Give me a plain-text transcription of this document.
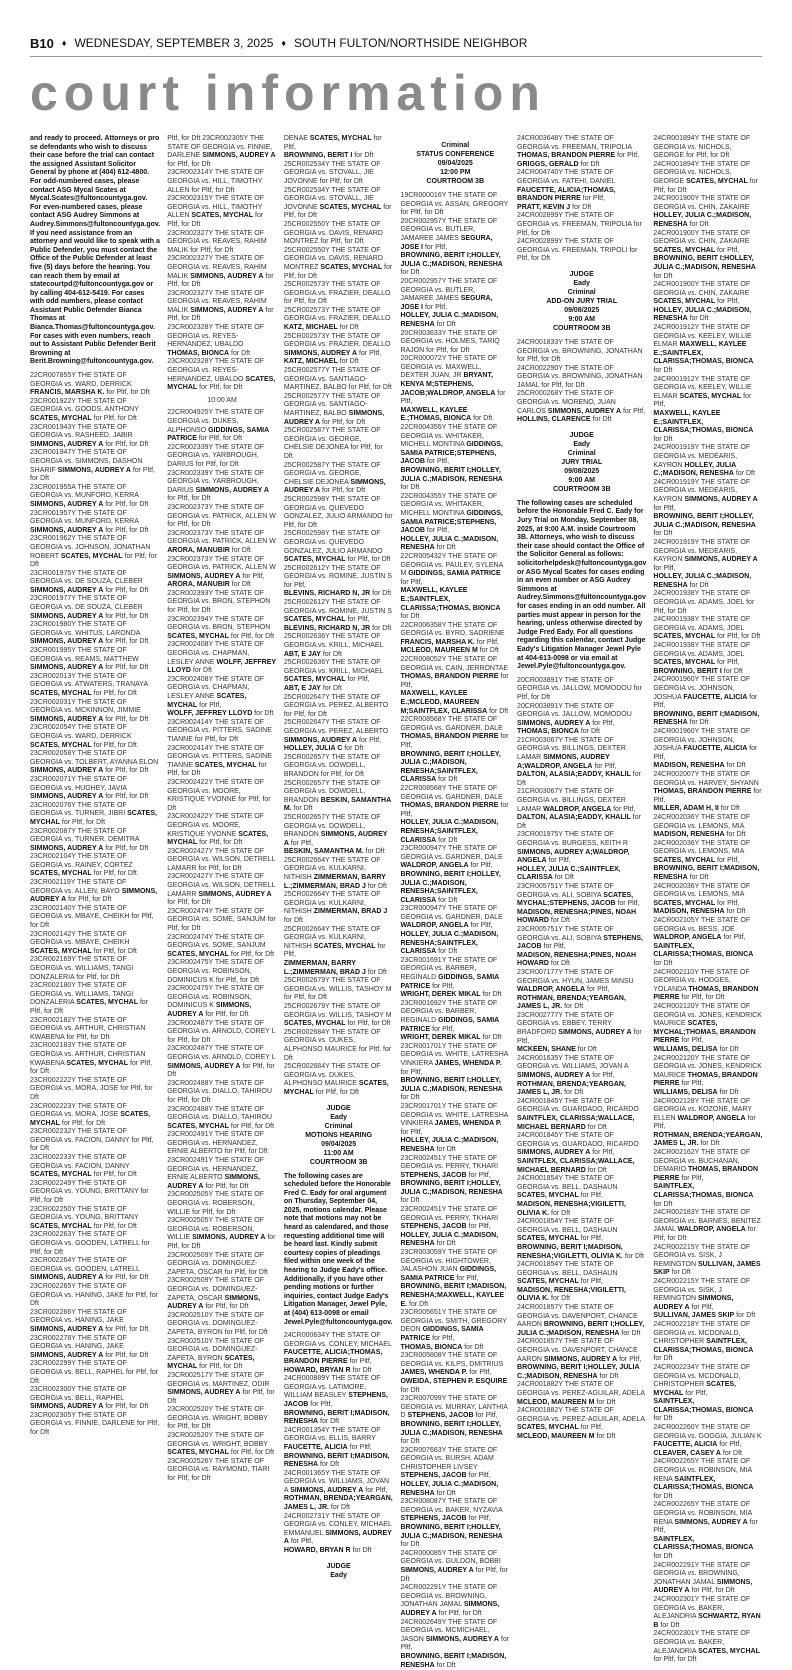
B10 ♦ WEDNESDAY, SEPTEMBER 3, 2025 ♦ SOUTH FULTON/NORTHSIDE NEIGHBOR
court information

and ready to proceed. Attorneys or pro se defendants who wish to discuss their case before the trial can contact the assigned Assistant Solicitor General by phone at (404) 612-4800. For odd-numbered cases, please contact ASG Mycal Scates at Mycal.Scates@fultoncountyga.gov. For even-numbered cases, please contact ASG Audrey Simmons at Audrey.Simmons@fultoncountyga.gov. If you need assistance from an attorney and would like to speak with a Public Defender, you must contact the Office of the Public Defender at least five (5) days before the hearing. You can reach them by email at statecourtpd@fultoncountyga.gov or by calling 404-612-5419. For cases with odd numbers, please contact Assistant Public Defender Bianca Thomas at Bianca.Thomas@fultoncountyga.gov. For cases with even numbers, reach out to Assistant Public Defender Berit Browning at Berit.Browning@fultoncountyga.gov.

22CR007855Y THE STATE OF GEORGIA vs. WARD, DERRICK FRANCIS, MARSHA K. for Pltf, for Dft

23CR001922Y THE STATE OF GEORGIA vs. GOODS, ANTHONY SCATES, MYCHAL for Pltf, for Dft

23CR001943Y THE STATE OF GEORGIA vs. RASHEED, JABIR SIMMONS, AUDREY A for Pltf, for Dft

23CR001947Y THE STATE OF GEORGIA vs. SIMMONS, DASHON SHARIF SIMMONS, AUDREY A for Pltf, for Dft

23CR001955A THE STATE OF GEORGIA vs. MUNFORD, KERRA SIMMONS, AUDREY A for Pltf, for Dft

23CR001957Y THE STATE OF GEORGIA vs. MUNFORD, KERRA SIMMONS, AUDREY A for Pltf, for Dft

23CR001962Y THE STATE OF GEORGIA vs. JOHNSON, JONATHAN ROBERT SCATES, MYCHAL for Pltf, for Dft

23CR001975Y THE STATE OF GEORGIA vs. DE SOUZA, CLEBER SIMMONS, AUDREY A for Pltf, for Dft

23CR001977Y THE STATE OF GEORGIA vs. DE SOUZA, CLEBER SIMMONS, AUDREY A for Pltf, for Dft

23CR001980Y THE STATE OF GEORGIA vs. WHITUS, LARONDA SIMMONS, AUDREY A for Pltf, for Dft

23CR001995Y THE STATE OF GEORGIA vs. REAMS, MATTHEW SIMMONS, AUDREY A for Pltf, for Dft

23CR002013Y THE STATE OF GEORGIA vs. ATWATERS, TRANAYA SCATES, MYCHAL for Pltf, for Dft

23CR002031Y THE STATE OF GEORGIA vs. MCKINNON, JIMMIE SIMMONS, AUDREY A for Pltf, for Dft

23CR002054Y THE STATE OF GEORGIA vs. WARD, DERRICK SCATES, MYCHAL for Pltf, for Dft

23CR002058Y THE STATE OF GEORGIA vs. TOLBERT, AYANNA ELON SIMMONS, AUDREY A for Pltf, for Dft

23CR002071Y THE STATE OF GEORGIA vs. HUGHEY, JAVIA SIMMONS, AUDREY A for Pltf, for Dft

23CR002076Y THE STATE OF GEORGIA vs. TURNER, JIBRI SCATES, MYCHAL for Pltf, for Dft

23CR002087Y THE STATE OF GEORGIA vs. TURNER, DEMITRA SIMMONS, AUDREY A for Pltf, for Dft

23CR002104Y THE STATE OF GEORGIA vs. RAINEY, CORTEZ SCATES, MYCHAL for Pltf, for Dft

23CR002119Y THE STATE OF GEORGIA vs. ALLEN, BAYO SIMMONS, AUDREY A for Pltf, for Dft

23CR002140Y THE STATE OF GEORGIA vs. MBAYE, CHEIKH for Pltf, for Dft

23CR002142Y THE STATE OF GEORGIA vs. MBAYE, CHEIKH SCATES, MYCHAL for Pltf, for Dft

23CR002169Y THE STATE OF GEORGIA vs. WILLIAMS, TANGI DONZALERIA for Pltf, for Dft

23CR002180Y THE STATE OF GEORGIA vs. WILLIAMS, TANGI DONZALERIA SCATES, MYCHAL for Pltf, for Dft

23CR002182Y THE STATE OF GEORGIA vs. ARTHUR, CHRISTIAN KWABENA for Pltf, for Dft

23CR002183Y THE STATE OF GEORGIA vs. ARTHUR, CHRISTIAN KWABENA SCATES, MYCHAL for Pltf, for Dft

23CR002222Y THE STATE OF GEORGIA vs. MORA, JOSE for Pltf, for Dft

23CR002223Y THE STATE OF GEORGIA vs. MORA, JOSE SCATES, MYCHAL for Pltf, for Dft

23CR002232Y THE STATE OF GEORGIA vs. FACION, DANNY for Pltf, for Dft

23CR002233Y THE STATE OF GEORGIA vs. FACION, DANNY SCATES, MYCHAL for Pltf, for Dft

23CR002249Y THE STATE OF GEORGIA vs. YOUNG, BRITTANY for Pltf, for Dft

23CR002250Y THE STATE OF GEORGIA vs. YOUNG, BRITTANY SCATES, MYCHAL for Pltf, for Dft

23CR002263Y THE STATE OF GEORGIA vs. GOODEN, LATRELL for Pltf, for Dft

23CR002264Y THE STATE OF GEORGIA vs. GOODEN, LATRELL SIMMONS, AUDREY A for Pltf, for Dft

23CR002265Y THE STATE OF GEORGIA vs. HANING, JAKE for Pltf, for Dft

23CR002266Y THE STATE OF GEORGIA vs. HANING, JAKE SIMMONS, AUDREY A for Pltf, for Dft

23CR002278Y THE STATE OF GEORGIA vs. HANING, JAKE SIMMONS, AUDREY A for Pltf, for Dft

23CR002299Y THE STATE OF GEORGIA vs. BELL, RAPHEL for Pltf, for Dft

23CR002300Y THE STATE OF GEORGIA vs. BELL, RAPHEL SIMMONS, AUDREY A for Pltf, for Dft

23CR002305Y THE STATE OF GEORGIA vs. FINNIE, DARLENE for Pltf, for Dft

Pltf, for Dft 23CR002305Y THE STATE OF GEORGIA vs. FINNIE, DARLENE SIMMONS, AUDREY A for Pltf, for Dft

23CR002314Y THE STATE OF GEORGIA vs. HILL, TIMOTHY ALLEN for Pltf, for Dft

23CR002315Y THE STATE OF GEORGIA vs. HILL, TIMOTHY ALLEN SCATES, MYCHAL for Pltf, for Dft

23CR002327Y THE STATE OF GEORGIA vs. REAVES, RAHIM MALIK for Pltf, for Dft

23CR002327Y THE STATE OF GEORGIA vs. REAVES, RAHIM MALIK SIMMONS, AUDREY A for Pltf, for Dft

23CR002327Y THE STATE OF GEORGIA vs. REAVES, RAHIM MALIK SIMMONS, AUDREY A for Pltf, for Dft

23CR002328Y THE STATE OF GEORGIA vs. REYES-HERNANDEZ, UBALDO THOMAS, BIONCA for Dft

23CR002328Y THE STATE OF GEORGIA vs. REYES-HERNANDEZ, UBALDO SCATES, MYCHAL for Pltf, for Dft

10:00 AM

22CR004925Y THE STATE OF GEORGIA vs. DUKES, ALPHONSO GIDDINGS, SAMIA PATRICE for Pltf, for Dft

22CR002339Y THE STATE OF GEORGIA vs. YARBROUGH, DARIUS for Pltf, for Dft

23CR002339Y THE STATE OF GEORGIA vs. YARBROUGH, DARIUS SIMMONS, AUDREY A for Pltf, for Dft

23CR002373Y THE STATE OF GEORGIA vs. PATRICK, ALLEN W for Pltf, for Dft

23CR002373Y THE STATE OF GEORGIA vs. PATRICK, ALLEN W ARORA, MANUBIR for Dft

23CR002373Y THE STATE OF GEORGIA vs. PATRICK, ALLEN W SIMMONS, AUDREY A for Pltf,

ARORA, MANUBIR for Dft

23CR002393Y THE STATE OF GEORGIA vs. BRON, STEPHON for Pltf, for Dft

23CR002394Y THE STATE OF GEORGIA vs. BRON, STEPHON SCATES, MYCHAL for Pltf, for Dft

23CR002408Y THE STATE OF GEORGIA vs. CHAPMAN, LESLEY ANNE WOLFF, JEFFREY LLOYD for Dft

23CR002408Y THE STATE OF GEORGIA vs. CHAPMAN, LESLEY ANNE SCATES, MYCHAL for Pltf,

WOLFF, JEFFREY LLOYD for Dft

23CR002414Y THE STATE OF GEORGIA vs. PITTERS, SADINE TIANNE for Pltf, for Dft

23CR002414Y THE STATE OF GEORGIA vs. PITTERS, SADINE TIANNE SCATES, MYCHAL for Pltf, for Dft

23CR002422Y THE STATE OF GEORGIA vs. MOORE, KRISTIQUE YVONNE for Pltf, for Dft

23CR002422Y THE STATE OF GEORGIA vs. MOORE, KRISTIQUE YVONNE SCATES, MYCHAL for Pltf, for Dft

23CR002427Y THE STATE OF GEORGIA vs. WILSON, DETRELL LAMARR for Pltf, for Dft

23CR002427Y THE STATE OF GEORGIA vs. WILSON, DETRELL LAMARR SIMMONS, AUDREY A for Pltf, for Dft

23CR002474Y THE STATE OF GEORGIA vs. SOME, SANJUM for Pltf, for Dft

23CR002474Y THE STATE OF GEORGIA vs. SOME, SANJUM SCATES, MYCHAL for Pltf, for Dft

23CR002475Y THE STATE OF GEORGIA vs. ROBINSON, DOMINICUS K for Pltf, for Dft

23CR002475Y THE STATE OF GEORGIA vs. ROBINSON, DOMINICUS K SIMMONS, AUDREY A for Pltf, for Dft

23CR002487Y THE STATE OF GEORGIA vs. ARNOLD, COREY L for Pltf, for Dft

23CR002487Y THE STATE OF GEORGIA vs. ARNOLD, COREY L SIMMONS, AUDREY A for Pltf, for Dft

23CR002488Y THE STATE OF GEORGIA vs. DIALLO, TAHIROU for Pltf, for Dft

23CR002488Y THE STATE OF GEORGIA vs. DIALLO, TAHIROU SCATES, MYCHAL for Pltf, for Dft

23CR002491Y THE STATE OF GEORGIA vs. HERNANDEZ, ERNIE ALBERTO for Pltf, for Dft

23CR002491Y THE STATE OF GEORGIA vs. HERNANDEZ, ERNIE ALBERTO SIMMONS, AUDREY A for Pltf, for Dft

23CR002505Y THE STATE OF GEORGIA vs. ROBERSON, WILLIE for Pltf, for Dft

23CR002505Y THE STATE OF GEORGIA vs. ROBERSON, WILLIE SIMMONS, AUDREY A for Pltf, for Dft

23CR002509Y THE STATE OF GEORGIA vs. DOMINGUEZ-ZAPETA, OSCAR for Pltf, for Dft

23CR002509Y THE STATE OF GEORGIA vs. DOMINGUEZ-ZAPETA, OSCAR SIMMONS, AUDREY A for Pltf, for Dft

23CR002510Y THE STATE OF GEORGIA vs. DOMINGUEZ-ZAPETA, BYRON for Pltf, for Dft

23CR002510Y THE STATE OF GEORGIA vs. DOMINGUEZ-ZAPETA, BYRON SCATES, MYCHAL for Pltf, for Dft

23CR002517Y THE STATE OF GEORGIA vs. MARTINEZ, ODIR SIMMONS, AUDREY A for Pltf, for Dft

23CR002520Y THE STATE OF GEORGIA vs. WRIGHT, BOBBY for Pltf, for Dft

23CR002520Y THE STATE OF GEORGIA vs. WRIGHT, BOBBY SCATES, MYCHAL for Pltf, for Dft

23CR002526Y THE STATE OF GEORGIA vs. RAYMOND, TIARI for Pltf, for Dft

DENAE SCATES, MYCHAL for Pltf,

BROWNING, BERIT I for Dft

25CR002534Y THE STATE OF GEORGIA vs. STOVALL, JIE JOVONNE for Pltf, for Dft

25CR002534Y THE STATE OF GEORGIA vs. STOVALL, JIE JOVONNE SCATES, MYCHAL for Pltf, for Dft

25CR002550Y THE STATE OF GEORGIA vs. DAVIS, RENARD MONTREZ for Pltf, for Dft

25CR002550Y THE STATE OF GEORGIA vs. DAVIS, RENARD MONTREZ SCATES, MYCHAL for Pltf, for Dft

25CR002573Y THE STATE OF GEORGIA vs. FRAZIER, DEALLO for Pltf, for Dft

25CR002573Y THE STATE OF GEORGIA vs. FRAZIER, DEALLO KATZ, MICHAEL for Dft

25CR002573Y THE STATE OF GEORGIA vs. FRAZIER, DEALLO SIMMONS, AUDREY A for Pltf,

KATZ, MICHAEL for Dft

25CR002577Y THE STATE OF GEORGIA vs. SANTIAGO-MARTINEZ, BALBO for Pltf, for Dft

25CR002577Y THE STATE OF GEORGIA vs. SANTIAGO-MARTINEZ, BALBO SIMMONS, AUDREY A for Pltf, for Dft

25CR002587Y THE STATE OF GEORGIA vs. GEORGE, CHELSIE DEJONEA for Pltf, for Dft

25CR002587Y THE STATE OF GEORGIA vs. GEORGE, CHELSIE DEJONEA SIMMONS, AUDREY A for Pltf, for Dft

25CR002598Y THE STATE OF GEORGIA vs. QUEVEDO GONZALEZ, JULIO ARMANDO for Pltf, for Dft

25CR002598Y THE STATE OF GEORGIA vs. QUEVEDO GONZALEZ, JULIO ARMANDO SCATES, MYCHAL for Pltf, for Dft

25CR002612Y THE STATE OF GEORGIA vs. ROMINE, JUSTIN S for Pltf,

BLEVINS, RICHARD N, JR for Dft

25CR002612Y THE STATE OF GEORGIA vs. ROMINE, JUSTIN S SCATES, MYCHAL for Pltf,

BLEVINS, RICHARD N, JR for Dft

25CR002636Y THE STATE OF GEORGIA vs. KRILL, MICHAEL ABT, E JAY for Dft

25CR002636Y THE STATE OF GEORGIA vs. KRILL, MICHAEL SCATES, MYCHAL for Pltf,

ABT, E JAY for Dft

25CR002647Y THE STATE OF GEORGIA vs. PEREZ, ALBERTO for Pltf, for Dft

25CR002647Y THE STATE OF GEORGIA vs. PEREZ, ALBERTO SIMMONS, AUDREY A for Pltf,

HOLLEY, JULIA C for Dft

25CR002657Y THE STATE OF GEORGIA vs. DOWDELL, BRANDON for Pltf, for Dft

25CR002657Y THE STATE OF GEORGIA vs. DOWDELL, BRANDON BESKIN, SAMANTHA M. for Dft

25CR002657Y THE STATE OF GEORGIA vs. DOWDELL, BRANDON SIMMONS, AUDREY A for Pltf,

BESKIN, SAMANTHA M. for Dft

25CR002664Y THE STATE OF GEORGIA vs. KULKARNI, NITHISH ZIMMERMAN, BARRY L.;ZIMMERMAN, BRAD J for Dft

25CR002664Y THE STATE OF GEORGIA vs. KULKARNI, NITHISH ZIMMERMAN, BRAD J for Dft

25CR002664Y THE STATE OF GEORGIA vs. KULKARNI, NITHISH SCATES, MYCHAL for Pltf,

ZIMMERMAN, BARRY L.;ZIMMERMAN, BRAD J for Dft

25CR002679Y THE STATE OF GEORGIA vs. WILLIS, TASHOY M for Pltf, for Dft

25CR002679Y THE STATE OF GEORGIA vs. WILLIS, TASHOY M SCATES, MYCHAL for Pltf, for Dft

25CR002684Y THE STATE OF GEORGIA vs. DUKES, ALPHONSO MAURICE for Pltf, for Dft

25CR002684Y THE STATE OF GEORGIA vs. DUKES, ALPHONSO MAURICE SCATES, MYCHAL for Pltf, for Dft

JUDGE
Eady
Criminal
MOTIONS HEARING
09/04/2025
11:00 AM
COURTROOM 3B

The following cases are scheduled before the Honorable Fred C. Eady for oral argument on Thursday, September 04, 2025, motions calendar. Please note that motions may not be heard as calendared, and those requesting additional time will be heard last. Kindly submit courtesy copies of pleadings filed within one week of the hearing to Judge Eady's office. Additionally, if you have other pending motions or further inquiries, contact Judge Eady's Litigation Manager, Jewel Pyle, at (404) 613-0098 or email Jewel.Pyle@fultoncountyga.gov.

24CR000634Y THE STATE OF GEORGIA vs. CONLEY, MICHAEL FAUCETTE, ALICIA;THOMAS, BRANDON PIERRE for Pltf,

HOWARD, BRYAN R for Dft

24CR000889Y THE STATE OF GEORGIA vs. LATIMORE, WILLIAM BEASLEY STEPHENS, JACOB for Pltf,

BROWNING, BERIT I;MADISON, RENESHA for Dft

24CR001354Y THE STATE OF GEORGIA vs. ELLIS, BARRY FAUCETTE, ALICIA for Pltf,

BROWNING, BERIT I;MADISON, RENESHA for Dft

24CR001365Y THE STATE OF GEORGIA vs. WILLIAMS, JOVAN A SIMMONS, AUDREY A for Pltf,

ROTHMAN, BRENDA;YEARGAN, JAMES L, JR. for Dft

24CR002731Y THE STATE OF GEORGIA vs. CONLEY, MICHAEL EMMANUEL SIMMONS, AUDREY A for Pltf,

HOWARD, BRYAN R for Dft

JUDGE
Eady
Criminal
STATUS CONFERENCE
09/04/2025
12:00 PM
COURTROOM 3B

19CR000016Y THE STATE OF GEORGIA vs. ASSAN, GREGORY for Pltf, for Dft

20CR002957Y THE STATE OF GEORGIA vs. BUTLER, JAMAREE JAMES SEGURA, JOSE I for Pltf,

BROWNING, BERIT I;HOLLEY, JULIA C.;MADISON, RENESHA for Dft

20CR002957Y THE STATE OF GEORGIA vs. BUTLER, JAMAREE JAMES SEGURA, JOSE I for Pltf,

HOLLEY, JULIA C.;MADISON, RENESHA for Dft

20CR003633Y THE STATE OF GEORGIA vs. HOLMES, TARIQ RAJON for Pltf, for Dft

20CR000072Y THE STATE OF GEORGIA vs. MAXWELL, DEXTER JUAN, JR BRYANT, KENYA M;STEPHENS, JACOB;WALDROP, ANGELA for Pltf,

MAXWELL, KAYLEE E.;THOMAS, BIONCA for Dft

22CR004355Y THE STATE OF GEORGIA vs. WHITAKER, MICHELL MONTINA GIDDINGS, SAMIA PATRICE;STEPHENS, JACOB for Pltf,

BROWNING, BERIT I;HOLLEY, JULIA C.;MADISON, RENESHA for Dft

22CR004355Y THE STATE OF GEORGIA vs. WHITAKER, MICHELL MONTINA GIDDINGS, SAMIA PATRICE;STEPHENS, JACOB for Pltf,

HOLLEY, JULIA C.;MADISON, RENESHA for Dft

22CR005432Y THE STATE OF GEORGIA vs. PAULEY, SYLENA M GIDDINGS, SAMIA PATRICE for Pltf,

MAXWELL, KAYLEE E.;SAINTFLEX, CLARISSA;THOMAS, BIONCA for Dft

22CR006358Y THE STATE OF GEORGIA vs. BYRD, SADRIENE FRANCIS, MARSHA K. for Pltf,

MCLEOD, MAUREEN M for Dft

22CR008052Y THE STATE OF GEORGIA vs. CAIN, JERRONTAE THOMAS, BRANDON PIERRE for Pltf,

MAXWELL, KAYLEE E.;MCLEOD, MAUREEN M;SAINTFLEX, CLARISSA for Dft

22CR008568Y THE STATE OF GEORGIA vs. GARDNER, DALE THOMAS, BRANDON PIERRE for Pltf,

BROWNING, BERIT I;HOLLEY, JULIA C.;MADISON, RENESHA;SAINTFLEX, CLARISSA for Dft

22CR008568Y THE STATE OF GEORGIA vs. GARDNER, DALE THOMAS, BRANDON PIERRE for Pltf,

HOLLEY, JULIA C.;MADISON, RENESHA;SAINTFLEX, CLARISSA for Dft

23CR000947Y THE STATE OF GEORGIA vs. GARDNER, DALE WALDROP, ANGELA for Pltf,

BROWNING, BERIT I;HOLLEY, JULIA C.;MADISON, RENESHA;SAINTFLEX, CLARISSA for Dft

23CR000947Y THE STATE OF GEORGIA vs. GARDNER, DALE WALDROP, ANGELA for Pltf,

HOLLEY, JULIA C.;MADISON, RENESHA;SAINTFLEX, CLARISSA for Dft

23CR001691Y THE STATE OF GEORGIA vs. BARBER, REGINALD GIDDINGS, SAMIA PATRICE for Pltf,

WRIGHT, DEREK MIKAL for Dft

23CR001692Y THE STATE OF GEORGIA vs. BARBER, REGINALD GIDDINGS, SAMIA PATRICE for Pltf,

WRIGHT, DEREK MIKAL for Dft

23CR001701Y THE STATE OF GEORGIA vs. WHITE, LATRESHA VINKIERA JAMES, WHENDA P. for Pltf,

BROWNING, BERIT I;HOLLEY, JULIA C.;MADISON, RENESHA for Dft

23CR001701Y THE STATE OF GEORGIA vs. WHITE, LATRESHA VINKIERA JAMES, WHENDA P. for Pltf,

HOLLEY, JULIA C.;MADISON, RENESHA for Dft

23CR002451Y THE STATE OF GEORGIA vs. PERRY, TKHARI STEPHENS, JACOB for Pltf,

BROWNING, BERIT I;HOLLEY, JULIA C.;MADISON, RENESHA for Dft

23CR002451Y THE STATE OF GEORGIA vs. PERRY, TKHARI STEPHENS, JACOB for Pltf,

HOLLEY, JULIA C.;MADISON, RENESHA for Dft

23CR003059Y THE STATE OF GEORGIA vs. HIGHTOWER, JALASHON JUAN GIDDINGS, SAMIA PATRICE for Pltf,

BROWNING, BERIT I;MADISON, RENESHA;MAXWELL, KAYLEE E. for Dft

23CR005651Y THE STATE OF GEORGIA vs. SMITH, GREGORY DEON GIDDINGS, SAMIA PATRICE for Pltf,

THOMAS, BIONCA for Dft

23CR005808Y THE STATE OF GEORGIA vs. KILPS, DMITRIUS JAMES, WHENDA P. for Pltf,

OWEIDA, STEPHEN P. ESQUIRE for Dft

23CR007099Y THE STATE OF GEORGIA vs. MURRAY, LANTHIA D STEPHENS, JACOB for Pltf,

BROWNING, BERIT I;HOLLEY, JULIA C.;MADISON, RENESHA for Dft

23CR007663Y THE STATE OF GEORGIA vs. BURSH, ADAM CHRISTOPHER LIVSEY STEPHENS, JACOB for Pltf,

HOLLEY, JULIA C.;MADISON, RENESHA for Dft

23CR008087Y THE STATE OF GEORGIA vs. BAKER, NYZAVIA STEPHENS, JACOB for Pltf,

BROWNING, BERIT I;HOLLEY, JULIA C.;MADISON, RENESHA for Dft

24CR000085Y THE STATE OF GEORGIA vs. GULDON, BOBBI SIMMONS, AUDREY A for Pltf, for Dft

24CR002291Y THE STATE OF GEORGIA vs. BROWNING, JONATHAN JAMAL SIMMONS, AUDREY A for Pltf, for Dft

24CR002649Y THE STATE OF GEORGIA vs. MCMICHAEL, JASON SIMMONS, AUDREY A for Pltf,

BROWNING, BERIT I;MADISON, RENESHA for Dft

24CR003648Y THE STATE OF GEORGIA vs. FREEMAN, TRIPOLIA THOMAS, BRANDON PIERRE for Pltf,

GRIGGS, GERALD for Dft

24CR004740Y THE STATE OF GEORGIA vs. FATEHI, DANIEL FAUCETTE, ALICIA;THOMAS, BRANDON PIERRE for Pltf,

PRATT, KEVIN J for Dft

24CR002899Y THE STATE OF GEORGIA vs. FREEMAN, TRIPOLIA for Pltf, for Dft

24CR002899Y THE STATE OF GEORGIA vs. FREEMAN, TRIPOLI for Pltf, for Dft

JUDGE
Eady
Criminal
ADD-ON JURY TRIAL
09/08/2025
9:00 AM
COURTROOM 3B

24CR001833Y THE STATE OF GEORGIA vs. BROWNING, JONATHAN for Pltf, for Dft

24CR002290Y THE STATE OF GEORGIA vs. BROWNING, JONATHAN JAMAL for Pltf, for Dft

25CR000268Y THE STATE OF GEORGIA vs. MORENO, JUAN CARLOS SIMMONS, AUDREY A for Pltf,

HOLLINS, CLARENCE for Dft

JUDGE
Eady
Criminal
JURY TRIAL
09/08/2025
9:00 AM
COURTROOM 3B

The following cases are scheduled before the Honorable Fred C. Eady for Jury Trial on Monday, September 08, 2025, at 9:00 A.M. inside Courtroom 3B. Attorneys, who wish to discuss their case should contact the Office of the Solicitor General as follows: solicitorhelpdesk@fultoncountyga.gov or ASG Mycal Scates for cases ending in an even number or ASG Audrey Simmons at Audrey.Simmons@fultoncountyga.gov for cases ending in an odd number. All parties must appear in person for the hearing, unless otherwise directed by Judge Fred Eady. For all questions regarding this calendar, contact Judge Eady's Litigation Manager Jewel Pyle at 404-613-0098 or via email at Jewel.Pyle@fultoncountyga.gov.

20CR003891Y THE STATE OF GEORGIA vs. JALLOW, MOMODOU for Pltf, for Dft

20CR003891Y THE STATE OF GEORGIA vs. JALLOW, MOMODOU SIMMONS, AUDREY A for Pltf,

THOMAS, BIONCA for Dft

21CR003067Y THE STATE OF GEORGIA vs. BILLINGS, DEXTER LAMAR SIMMONS, AUDREY A;WALDROP, ANGELA for Pltf,

DALTON, ALASIA;EADDY, KHALIL for Dft

21CR003067Y THE STATE OF GEORGIA vs. BILLINGS, DEXTER LAMAR WALDROP, ANGELA for Pltf,

DALTON, ALASIA;EADDY, KHALIL for Dft

23CR001975Y THE STATE OF GEORGIA vs. BURGESS, KEITH R SIMMONS, AUDREY A;WALDROP, ANGELA for Pltf,

HOLLEY, JULIA C.;SAINTFLEX, CLARISSA for Dft

23CR005751Y THE STATE OF GEORGIA vs. ALI, SOBIYA SCATES, MYCHAL;STEPHENS, JACOB for Pltf,

MADISON, RENESHA;PINES, NOAH HOWARD for Dft

23CR005751Y THE STATE OF GEORGIA vs. ALI, SOBIYA STEPHENS, JACOB for Pltf,

MADISON, RENESHA;PINES, NOAH HOWARD for Dft

23CR007177Y THE STATE OF GEORGIA vs. HYUN, JAMES MINSU WALDROP, ANGELA for Pltf,

ROTHMAN, BRENDA;YEARGAN, JAMES L, JR. for Dft

23CR002777Y THE STATE OF GEORGIA vs. EBBEY, TERRY BRADFORD SIMMONS, AUDREY A for Pltf,

MCKEEN, SHANE for Dft

24CR001635Y THE STATE OF GEORGIA vs. WILLIAMS, JOVAN A SIMMONS, AUDREY A for Pltf,

ROTHMAN, BRENDA;YEARGAN, JAMES L, JR. for Dft

24CR001845Y THE STATE OF GEORGIA vs. GUARDADO, RICARDO SAINTFLEX, CLARISSA;WALLACE, MICHAEL BERNARD for Dft

24CR001845Y THE STATE OF GEORGIA vs. GUARDADO, RICARDO SIMMONS, AUDREY A for Pltf,

SAINTFLEX, CLARISSA;WALLACE, MICHAEL BERNARD for Dft

24CR001854Y THE STATE OF GEORGIA vs. BELL, DASHAUN SCATES, MYCHAL for Pltf,

MADISON, RENESHA;VIGILETTI, OLIVIA K. for Dft

24CR001854Y THE STATE OF GEORGIA vs. BELL, DASHAUN SCATES, MYCHAL for Pltf,

BROWNING, BERIT I;MADISON, RENESHA;VIGILETTI, OLIVIA K. for Dft

24CR001854Y THE STATE OF GEORGIA vs. BELL, DASHAUN SCATES, MYCHAL for Pltf,

MADISON, RENESHA;VIGILETTI, OLIVIA K. for Dft

24CR001857Y THE STATE OF GEORGIA vs. DAVENPORT, CHANCE AARON BROWNING, BERIT I;HOLLEY, JULIA C.;MADISON, RENESHA for Dft

24CR001857Y THE STATE OF GEORGIA vs. DAVENPORT, CHANCE AARON SIMMONS, AUDREY A for Pltf,

BROWNING, BERIT I;HOLLEY, JULIA C.;MADISON, RENESHA for Dft

24CR001882Y THE STATE OF GEORGIA vs. PEREZ-AGUILAR, ADELA MCLEOD, MAUREEN M for Dft

24CR001882Y THE STATE OF GEORGIA vs. PEREZ-AGUILAR, ADELA SCATES, MYCHAL for Pltf,

MCLEOD, MAUREEN M for Dft

24CR001894Y THE STATE OF GEORGIA vs. NICHOLS, GEORGE for Pltf, for Dft

24CR001894Y THE STATE OF GEORGIA vs. NICHOLS, GEORGE SCATES, MYCHAL for Pltf, for Dft

24CR001900Y THE STATE OF GEORGIA vs. CHIN, ZAKAIRE HOLLEY, JULIA C.;MADISON, RENESHA for Dft

24CR001900Y THE STATE OF GEORGIA vs. CHIN, ZAKAIRE SCATES, MYCHAL for Pltf,

BROWNING, BERIT I;HOLLEY, JULIA C.;MADISON, RENESHA for Dft

24CR001900Y THE STATE OF GEORGIA vs. CHIN, ZAKAIRE SCATES, MYCHAL for Pltf,

HOLLEY, JULIA C.;MADISON, RENESHA for Dft

24CR001912Y THE STATE OF GEORGIA vs. KEELEY, WILLIE ELMAR MAXWELL, KAYLEE E.;SAINTFLEX, CLARISSA;THOMAS, BIONCA for Dft

24CR001912Y THE STATE OF GEORGIA vs. KEELEY, WILLIE ELMAR SCATES, MYCHAL for Pltf,

MAXWELL, KAYLEE E.;SAINTFLEX, CLARISSA;THOMAS, BIONCA for Dft

24CR001919Y THE STATE OF GEORGIA vs. MEDEARIS, KAYRON HOLLEY, JULIA C.;MADISON, RENESHA for Dft

24CR001919Y THE STATE OF GEORGIA vs. MEDEARIS, KAYRON SIMMONS, AUDREY A for Pltf,

BROWNING, BERIT I;HOLLEY, JULIA C.;MADISON, RENESHA for Dft

24CR001919Y THE STATE OF GEORGIA vs. MEDEARIS, KAYRON SIMMONS, AUDREY A for Pltf,

HOLLEY, JULIA C.;MADISON, RENESHA for Dft

24CR001938Y THE STATE OF GEORGIA vs. ADAMS, JOEL for Pltf, for Dft

24CR001938Y THE STATE OF GEORGIA vs. ADAMS, JOEL SCATES, MYCHAL for Pltf, for Dft

24CR001938Y THE STATE OF GEORGIA vs. ADAMS, JOEL SCATES, MYCHAL for Pltf,

BROWNING, BERIT I for Dft

24CR001960Y THE STATE OF GEORGIA vs. JOHNSON, JOSHUA FAUCETTE, ALICIA for Pltf,

BROWNING, BERIT I;MADISON, RENESHA for Dft

24CR001960Y THE STATE OF GEORGIA vs. JOHNSON, JOSHUA FAUCETTE, ALICIA for Pltf,

MADISON, RENESHA for Dft

24CR002007Y THE STATE OF GEORGIA vs. HARVEY, SHYANN THOMAS, BRANDON PIERRE for Pltf,

MILLER, ADAM H, II for Dft

24CR002036Y THE STATE OF GEORGIA vs. LEMONS, MIA MADISON, RENESHA for Dft

24CR002036Y THE STATE OF GEORGIA vs. LEMONS, MIA SCATES, MYCHAL for Pltf,

BROWNING, BERIT I;MADISON, RENESHA for Dft

24CR002036Y THE STATE OF GEORGIA vs. LEMONS, MIA SCATES, MYCHAL for Pltf,

MADISON, RENESHA for Dft

24CR002105Y THE STATE OF GEORGIA vs. BESS, JOE WALDROP, ANGELA for Pltf,

SAINTFLEX, CLARISSA;THOMAS, BIONCA for Dft

24CR002110Y THE STATE OF GEORGIA vs. HODGES, YOLANDA THOMAS, BRANDON PIERRE for Pltf, for Dft

24CR002120Y THE STATE OF GEORGIA vs. JONES, KENDRICK MAURICE SCATES, MYCHAL;THOMAS, BRANDON PIERRE for Pltf,

WILLIAMS, DELISA for Dft

24CR002120Y THE STATE OF GEORGIA vs. JONES, KENDRICK MAURICE THOMAS, BRANDON PIERRE for Pltf,

WILLIAMS, DELISA for Dft

24CR002128Y THE STATE OF GEORGIA vs. KOZONE, MARY ELLEN WALDROP, ANGELA for Pltf,

ROTHMAN, BRENDA;YEARGAN, JAMES L, JR. for Dft

24CR002162Y THE STATE OF GEORGIA vs. BUCHANAN, DEMARIO THOMAS, BRANDON PIERRE for Pltf,

SAINTFLEX, CLARISSA;THOMAS, BIONCA for Dft

24CR002183Y THE STATE OF GEORGIA vs. BARNES, BENITEZ JAMAL WALDROP, ANGELA for Pltf, for Dft

24CR002215Y THE STATE OF GEORGIA vs. SISK, J REMINGTON SULLIVAN, JAMES SKIP for Dft

24CR002215Y THE STATE OF GEORGIA vs. SISK, J REMINGTON SIMMONS, AUDREY A for Pltf,

SULLIVAN, JAMES SKIP for Dft

24CR002218Y THE STATE OF GEORGIA vs. MCDONALD, CHRISTOPHER SAINTFLEX, CLARISSA;THOMAS, BIONCA for Dft

24CR002234Y THE STATE OF GEORGIA vs. MCDONALD, CHRISTOPHER SCATES, MYCHAL for Pltf,

SAINTFLEX, CLARISSA;THOMAS, BIONCA for Dft

24CR002260Y THE STATE OF GEORGIA vs. GOGGIA, JULIAN K FAUCETTE, ALICIA for Pltf,

CLEAVER, CASEY A for Dft

24CR002265Y THE STATE OF GEORGIA vs. ROBINSON, MIA RENA SAINTFLEX, CLARISSA;THOMAS, BIONCA for Dft

24CR002265Y THE STATE OF GEORGIA vs. ROBINSON, MIA RENA SIMMONS, AUDREY A for Pltf,

SAINTFLEX, CLARISSA;THOMAS, BIONCA for Dft

24CR002291Y THE STATE OF GEORGIA vs. BROWNING, JONATHAN JAMAL SIMMONS, AUDREY A for Pltf, for Dft

24CR002301Y THE STATE OF GEORGIA vs. BAKER, ALEJANDRIA SCHWARTZ, RYAN B for Dft

24CR002301Y THE STATE OF GEORGIA vs. BAKER, ALEJANDRIA SCATES, MYCHAL for Pltf, for Dft
